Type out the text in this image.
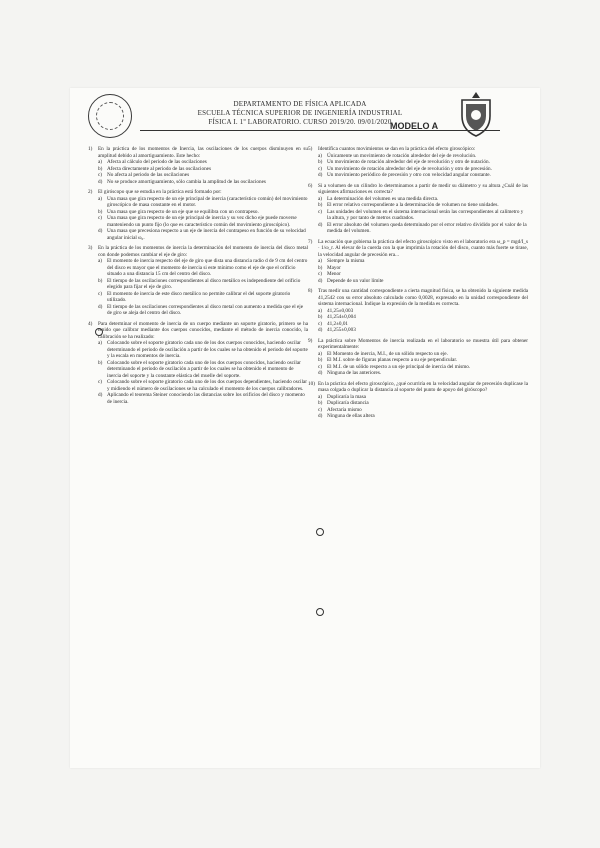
DEPARTAMENTO DE FÍSICA APLICADA
ESCUELA TÉCNICA SUPERIOR DE INGENIERÍA INDUSTRIAL
FÍSICA I. 1º LABORATORIO. CURSO 2019/20. 09/01/2020
MODELO A
1)	En la práctica de los momentos de Inercia, las oscilaciones de los cuerpos disminuyen en su amplitud debido al amortiguamiento. Este hecho:
a) Afecta al cálculo del periodo de las oscilaciones
b) Afecta directamente al periodo de las oscilaciones
c) No afecta al periodo de las oscilaciones
d) No se produce amortiguamiento, sólo cambia la amplitud de las oscilaciones
2)	El giróscopo que se estudia en la práctica está formado por:
a) Una masa que gira respecto de un eje principal de inercia (característico común) del movimiento giroscópico de masa constante en el motor.
b) Una masa que gira respecto de un eje que se equilibra con un contrapeso.
c) Una masa que gira respecto de un eje principal de inercia y su vez dicho eje puede moverse manteniendo un punto fijo (lo que es característico común del movimiento giroscópico).
d) Una masa que precesiona respecto a un eje de inercia del contrapeso en función de su velocidad angular inicial ω₀.
3)	En la práctica de los momentos de inercia la determinación del momento de inercia del disco metal con donde podemos cambiar el eje de giro:
a) El momento de inercia respecto del eje de giro que dista una distancia radio d de 9 cm del centro del disco es mayor que el momento de inercia si este mínimo como el eje de que el orificio situado a una distancia 15 cm del centro del disco.
b) El tiempo de las oscilaciones correspondientes al disco metálico es independiente del orificio elegido para fijar el eje de giro.
c) El momento de inercia de este disco metálico no permite calibrar el del soporte giratorio utilizado.
d) El tiempo de las oscilaciones correspondientes al disco metal con aumento a medida que el eje de giro se aleja del centro del disco.
4)	Para determinar el momento de inercia de un cuerpo mediante un soporte giratorio, primero se ha tenido que calibrar mediante dos cuerpos conocidos, mediante el método de inercia conocido, la calibración se ha realizado:
a) Colocando sobre el soporte giratorio cada uno de los dos cuerpos conocidos, haciendo oscilar determinando el periodo de oscilación a partir de los cuales se ha obtenido el periodo del soporte y la escala en momentos de inercia.
b) Colocando sobre el soporte giratorio cada uno de los dos cuerpos conocidos, haciendo oscilar determinando el periodo de oscilación a partir de los cuales se ha obtenido el momento de inercia del soporte y la constante elástica del muelle del soporte.
c) Colocando sobre el soporte giratorio cada uno de los dos cuerpos dependientes, haciendo oscilar y midiendo el número de oscilaciones se ha calculado el momento de los cuerpos calibradores.
d) Aplicando el teorema Steiner conociendo las distancias sobre los orificios del disco y momento de inercia.
5)	Identifica cuantos movimientos se dan en la práctica del efecto giroscópico:
a) Únicamente un movimiento de rotación alrededor del eje de revolución.
b) Un movimiento de rotación alrededor del eje de revolución y otro de nutación.
c) Un movimiento de rotación alrededor del eje de revolución y otro de precesión.
d) Un movimiento periódico de precesión y otro con velocidad angular constante.
6)	Si a volumen de un cilindro lo determinamos a partir de medir su diámetro y su altura ¿Cuál de las siguientes afirmaciones es correcta?
a) La determinación del volumen es una medida directa.
b) El error relativo correspondiente a la determinación de volumen no tiene unidades.
c) Las unidades del volumen en el sistema internacional serán las correspondientes al calímetro y la altura, y por tanto de metros cuadrados.
d) El error absoluto del volumen queda determinado por el error relativo dividido por el valor de la medida del volumen.
7)	La ecuación que gobierna la práctica del efecto giroscópico visto en el laboratorio era ω_p = mgd/I_s · 1/ω_r. Al elevar de la cuerda con la que imprimía la rotación del disco, cuanto más fuerte se tirase, la velocidad angular de precesión era...
a) Siempre la misma
b) Mayor
c) Menor
d) Depende de un valor límite
8)	Tras medir una cantidad correspondiente a cierta magnitud física, se ha obtenido la siguiente medida 41,2542 con su error absoluto calculado como 0,0028, expresado en la unidad correspondiente del sistema internacional. Indique la expresión de la medida es correcta.
a) 41,25±0,003
b) 41,254±0,004
c) 41,2±0,01
d) 41,255±0,003
9)	La práctica sobre Momentos de inercia realizada en el laboratorio se muestra útil para obtener experimentalmente:
a) El Momento de inercia, M.I., de un sólido respecto un eje.
b) El M.I. sobre de figuras planas respecto a su eje perpendicular.
c) El M.I. de un sólido respecto a un eje principal de inercia del mismo.
d) Ninguna de las anteriores.
10) En la práctica del efecto giroscópico, ¿qué ocurriría en la velocidad angular de precesión duplicase la masa colgada o duplicar la distancia al soporte del punto de apoyo del giróscopo?
a) Duplicaría la masa
b) Duplicaría distancia
c) Afectaría mismo
d) Ninguna de ellas altera
